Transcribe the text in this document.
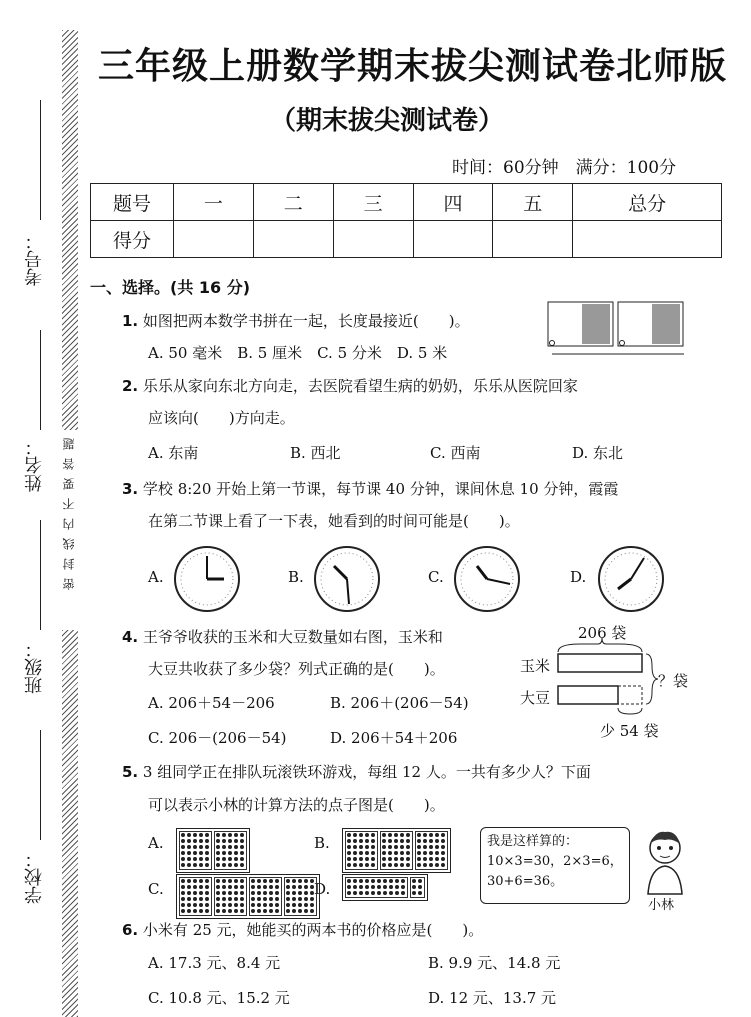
密封线内不要答题
考号：
姓名：
班级：
学校：
三年级上册数学期末拔尖测试卷北师版
（期末拔尖测试卷）
时间：60分钟　满分：100分
题号	一	二	三	四	五	总分
得分						
一、选择。(共 16 分)
1. 如图把两本数学书拼在一起，长度最接近(　　)。
A. 50 毫米　B. 5 厘米　C. 5 分米　D. 5 米
2. 乐乐从家向东北方向走，去医院看望生病的奶奶，乐乐从医院回家
应该向(　　)方向走。
A. 东南	B. 西北	C. 西南	D. 东北
3. 学校 8:20 开始上第一节课，每节课 40 分钟，课间休息 10 分钟，霞霞
在第二节课上看了一下表，她看到的时间可能是(　　)。
A.	B.	C.	D.
4. 王爷爷收获的玉米和大豆数量如右图，玉米和
大豆共收获了多少袋？列式正确的是(　　)。
A. 206＋54－206	B. 206＋(206－54)
C. 206－(206－54)	D. 206＋54＋206
206 袋
玉米
大豆
？袋
少 54 袋
5. 3 组同学正在排队玩滚铁环游戏，每组 12 人。一共有多少人？下面
可以表示小林的计算方法的点子图是(　　)。
A.	B.
C.	D.
我是这样算的：
10×3=30，2×3=6，
30+6=36。
小林
6. 小米有 25 元，她能买的两本书的价格应是(　　)。
A. 17.3 元、8.4 元	B. 9.9 元、14.8 元
C. 10.8 元、15.2 元	D. 12 元、13.7 元
